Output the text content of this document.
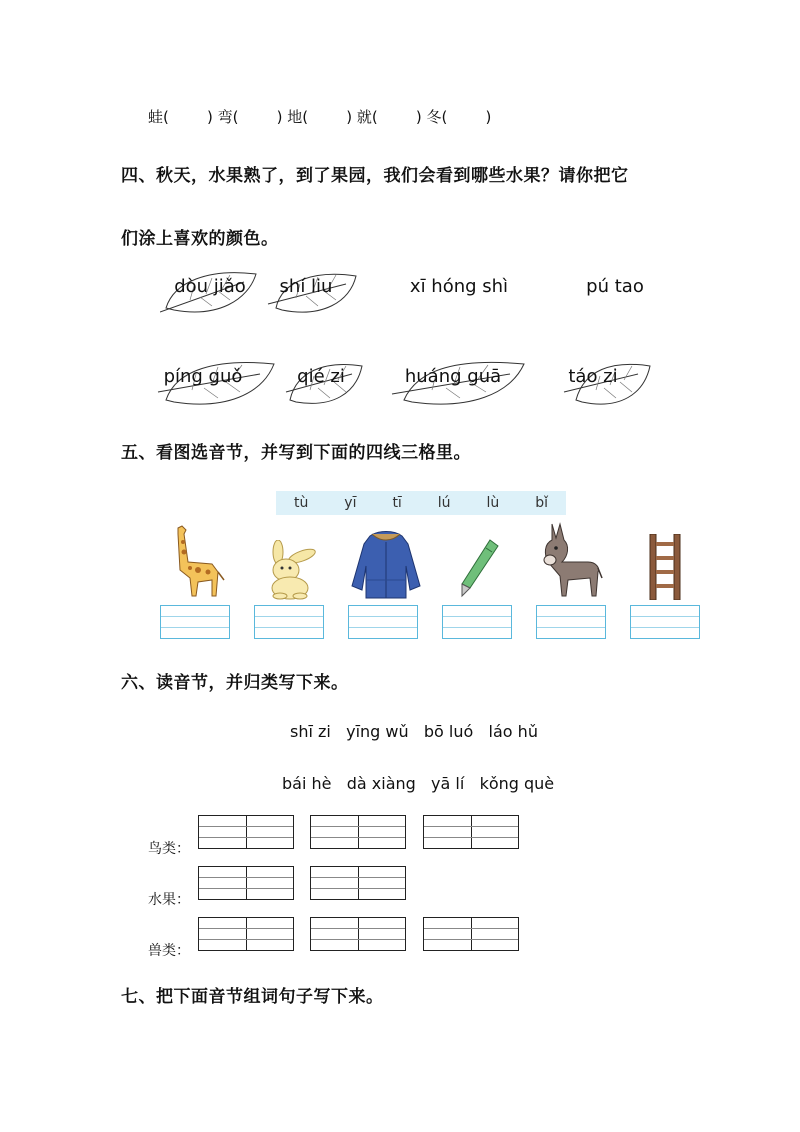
蛙(        ) 弯(        ) 地(        ) 就(        ) 冬(        )
四、秋天，水果熟了，到了果园，我们会看到哪些水果？请你把它
们涂上喜欢的颜色。
dòu jiǎo	shí liu	xī hóng shì	pú tao
píng guǒ	qié zi	huáng guā	táo zi
五、看图选音节，并写到下面的四线三格里。
tù	yī	tī	lú	lù	bǐ
六、读音节，并归类写下来。
shī zi   yīng wǔ   bō luó   láo hǔ
bái hè   dà xiàng   yā lí   kǒng què
鸟类：
水果：
兽类：
七、把下面音节组词句子写下来。
